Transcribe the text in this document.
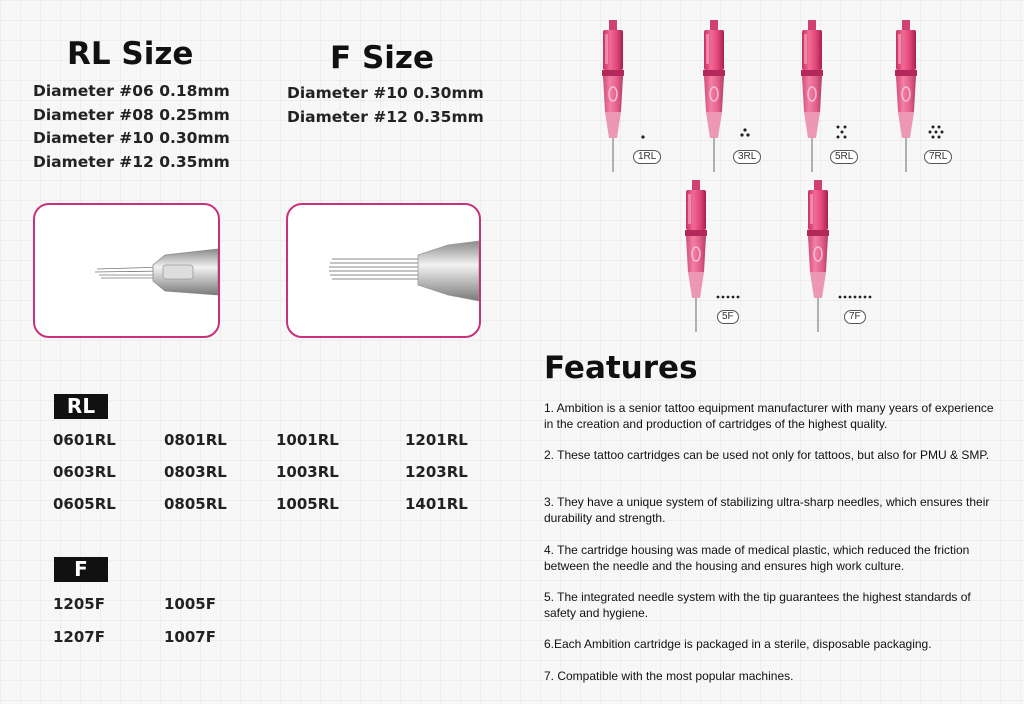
RL Size
Diameter #06 0.18mm
Diameter #08 0.25mm
Diameter #10 0.30mm
Diameter #12 0.35mm
F Size
Diameter #10 0.30mm
Diameter #12 0.35mm
1RL	3RL	5RL	7RL
5F	7F
RL
0601RL	0801RL	1001RL	1201RL
0603RL	0803RL	1003RL	1203RL
0605RL	0805RL	1005RL	1401RL
F
1205F	1005F
1207F	1007F
Features
1. Ambition is a senior tattoo equipment manufacturer with many years of experience in the creation and production of cartridges of the highest quality.
2. These tattoo cartridges can be used not only for tattoos, but also for PMU & SMP.
3. They have a unique system of stabilizing ultra-sharp needles, which ensures their durability and strength.
4. The cartridge housing was made of medical plastic, which reduced the friction between the needle and the housing and ensures high work culture.
5. The integrated needle system with the tip guarantees the highest standards of safety and hygiene.
6.Each Ambition cartridge is packaged in a sterile, disposable packaging.
7. Compatible with the most popular machines.
